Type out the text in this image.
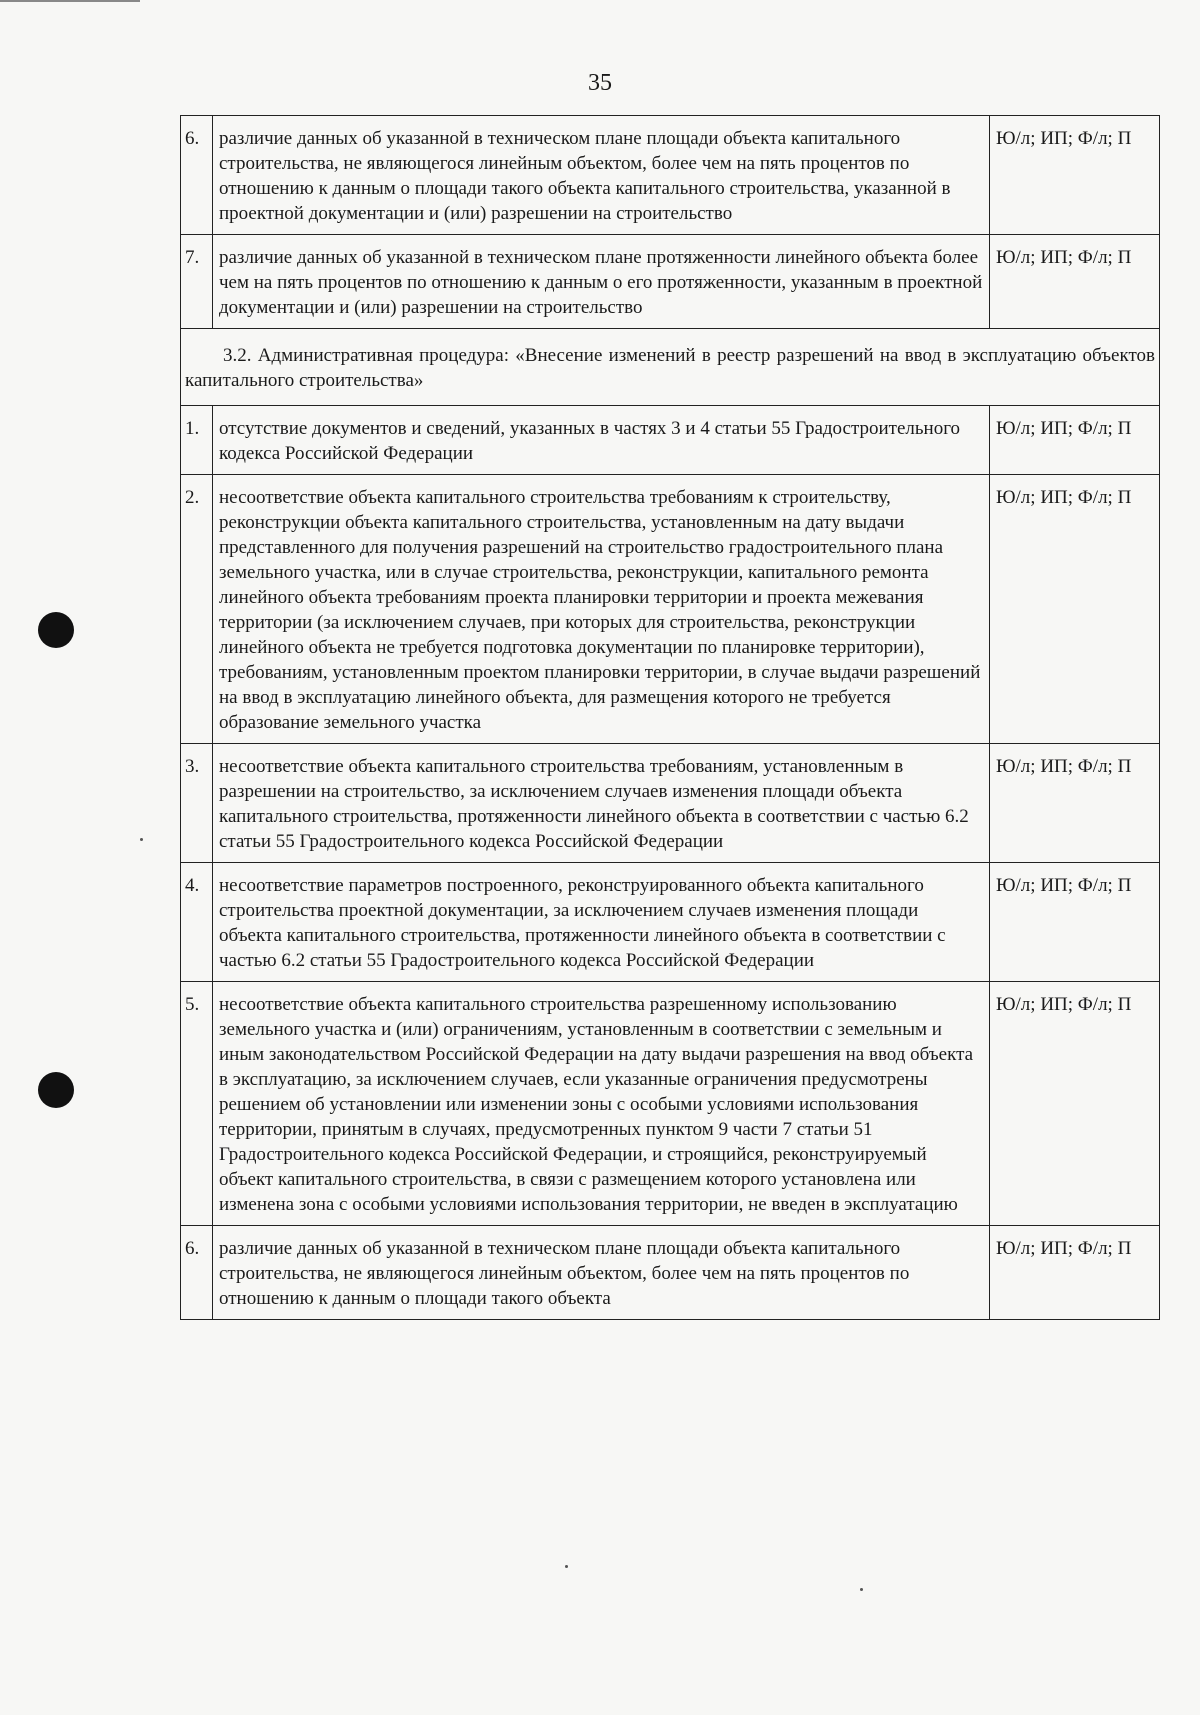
35
6.	различие данных об указанной в техническом плане площади объекта капитального строительства, не являющегося линейным объектом, более чем на пять процентов по отношению к данным о площади такого объекта капитального строительства, указанной в проектной документации и (или) разрешении на строительство	Ю/л; ИП; Ф/л; П
7.	различие данных об указанной в техническом плане протяженности линейного объекта более чем на пять процентов по отношению к данным о его протяженности, указанным в проектной документации и (или) разрешении на строительство	Ю/л; ИП; Ф/л; П
3.2. Административная процедура: «Внесение изменений в реестр разрешений на ввод в эксплуатацию объектов капитального строительства»		
1.	отсутствие документов и сведений, указанных в частях 3 и 4 статьи 55 Градостроительного кодекса Российской Федерации	Ю/л; ИП; Ф/л; П
2.	несоответствие объекта капитального строительства требованиям к строительству, реконструкции объекта капитального строительства, установленным на дату выдачи представленного для получения разрешений на строительство градостроительного плана земельного участка, или в случае строительства, реконструкции, капитального ремонта линейного объекта требованиям проекта планировки территории и проекта межевания территории (за исключением случаев, при которых для строительства, реконструкции линейного объекта не требуется подготовка документации по планировке территории), требованиям, установленным проектом планировки территории, в случае выдачи разрешений на ввод в эксплуатацию линейного объекта, для размещения которого не требуется образование земельного участка	Ю/л; ИП; Ф/л; П
3.	несоответствие объекта капитального строительства требованиям, установленным в разрешении на строительство, за исключением случаев изменения площади объекта капитального строительства, протяженности линейного объекта в соответствии с частью 6.2 статьи 55 Градостроительного кодекса Российской Федерации	Ю/л; ИП; Ф/л; П
4.	несоответствие параметров построенного, реконструированного объекта капитального строительства проектной документации, за исключением случаев изменения площади объекта капитального строительства, протяженности линейного объекта в соответствии с частью 6.2 статьи 55 Градостроительного кодекса Российской Федерации	Ю/л; ИП; Ф/л; П
5.	несоответствие объекта капитального строительства разрешенному использованию земельного участка и (или) ограничениям, установленным в соответствии с земельным и иным законодательством Российской Федерации на дату выдачи разрешения на ввод объекта в эксплуатацию, за исключением случаев, если указанные ограничения предусмотрены решением об установлении или изменении зоны с особыми условиями использования территории, принятым в случаях, предусмотренных пунктом 9 части 7 статьи 51 Градостроительного кодекса Российской Федерации, и строящийся, реконструируемый объект капитального строительства, в связи с размещением которого установлена или изменена зона с особыми условиями использования территории, не введен в эксплуатацию	Ю/л; ИП; Ф/л; П
6.	различие данных об указанной в техническом плане площади объекта капитального строительства, не являющегося линейным объектом, более чем на пять процентов по отношению к данным о площади такого объекта	Ю/л; ИП; Ф/л; П
